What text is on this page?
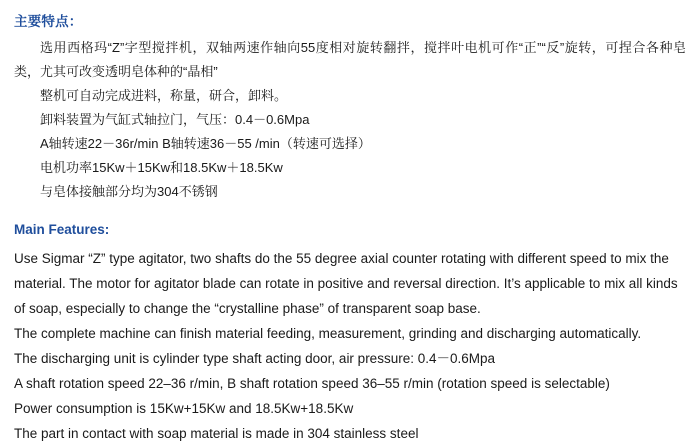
主要特点：

选用西格玛“Z”字型搅拌机，双轴两速作轴向55度相对旋转翻拌，搅拌叶电机可作“正”“反”旋转，可捏合各种皂类，尤其可改变透明皂体种的“晶相”

整机可自动完成进料，称量，研合，卸料。

卸料装置为气缸式轴拉门，气压：0.4－0.6Mpa

A轴转速22－36r/min B轴转速36－55 /min（转速可选择）

电机功率15Kw＋15Kw和18.5Kw＋18.5Kw

与皂体接触部分均为304不锈钢

Main Features:

Use Sigmar “Z” type agitator, two shafts do the 55 degree axial counter rotating with different speed to mix the material. The motor for agitator blade can rotate in positive and reversal direction. It’s applicable to mix all kinds of soap, especially to change the “crystalline phase” of transparent soap base.

The complete machine can finish material feeding, measurement, grinding and discharging automatically.

The discharging unit is cylinder type shaft acting door, air pressure: 0.4－0.6Mpa

A shaft rotation speed 22–36 r/min, B shaft rotation speed 36–55 r/min (rotation speed is selectable)

Power consumption is 15Kw+15Kw and 18.5Kw+18.5Kw

The part in contact with soap material is made in 304 stainless steel
